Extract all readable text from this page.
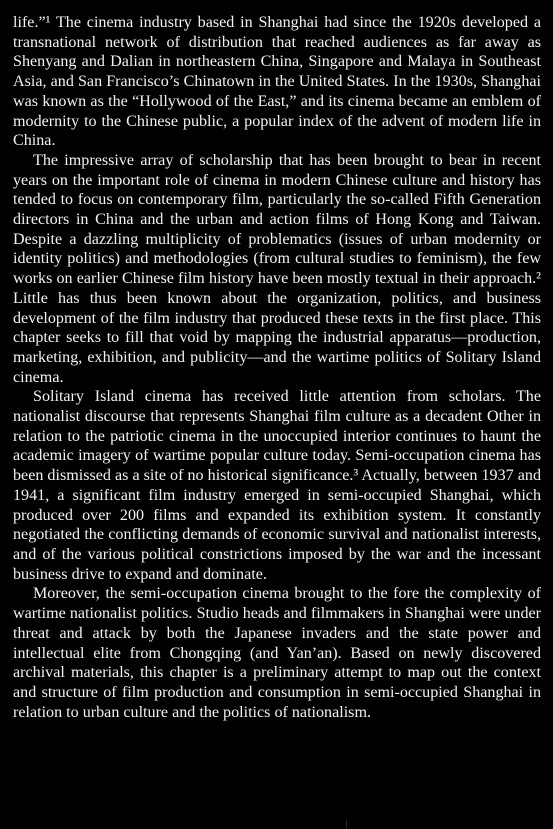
life.”¹ The cinema industry based in Shanghai had since the 1920s developed a transnational network of distribution that reached audiences as far away as Shenyang and Dalian in northeastern China, Singapore and Malaya in Southeast Asia, and San Francisco’s Chinatown in the United States. In the 1930s, Shanghai was known as the “Hollywood of the East,” and its cinema became an emblem of modernity to the Chinese public, a popular index of the advent of modern life in China.

The impressive array of scholarship that has been brought to bear in recent years on the important role of cinema in modern Chinese culture and history has tended to focus on contemporary film, particularly the so-called Fifth Generation directors in China and the urban and action films of Hong Kong and Taiwan. Despite a dazzling multiplicity of problematics (issues of urban modernity or identity politics) and methodologies (from cultural studies to feminism), the few works on earlier Chinese film history have been mostly textual in their approach.² Little has thus been known about the organization, politics, and business development of the film industry that produced these texts in the first place. This chapter seeks to fill that void by mapping the industrial apparatus—production, marketing, exhibition, and publicity—and the wartime politics of Solitary Island cinema.

Solitary Island cinema has received little attention from scholars. The nationalist discourse that represents Shanghai film culture as a decadent Other in relation to the patriotic cinema in the unoccupied interior continues to haunt the academic imagery of wartime popular culture today. Semi-occupation cinema has been dismissed as a site of no historical significance.³ Actually, between 1937 and 1941, a significant film industry emerged in semi-occupied Shanghai, which produced over 200 films and expanded its exhibition system. It constantly negotiated the conflicting demands of economic survival and nationalist interests, and of the various political constrictions imposed by the war and the incessant business drive to expand and dominate.

Moreover, the semi-occupation cinema brought to the fore the complexity of wartime nationalist politics. Studio heads and filmmakers in Shanghai were under threat and attack by both the Japanese invaders and the state power and intellectual elite from Chongqing (and Yan’an). Based on newly discovered archival materials, this chapter is a preliminary attempt to map out the context and structure of film production and consumption in semi-occupied Shanghai in relation to urban culture and the politics of nationalism.
